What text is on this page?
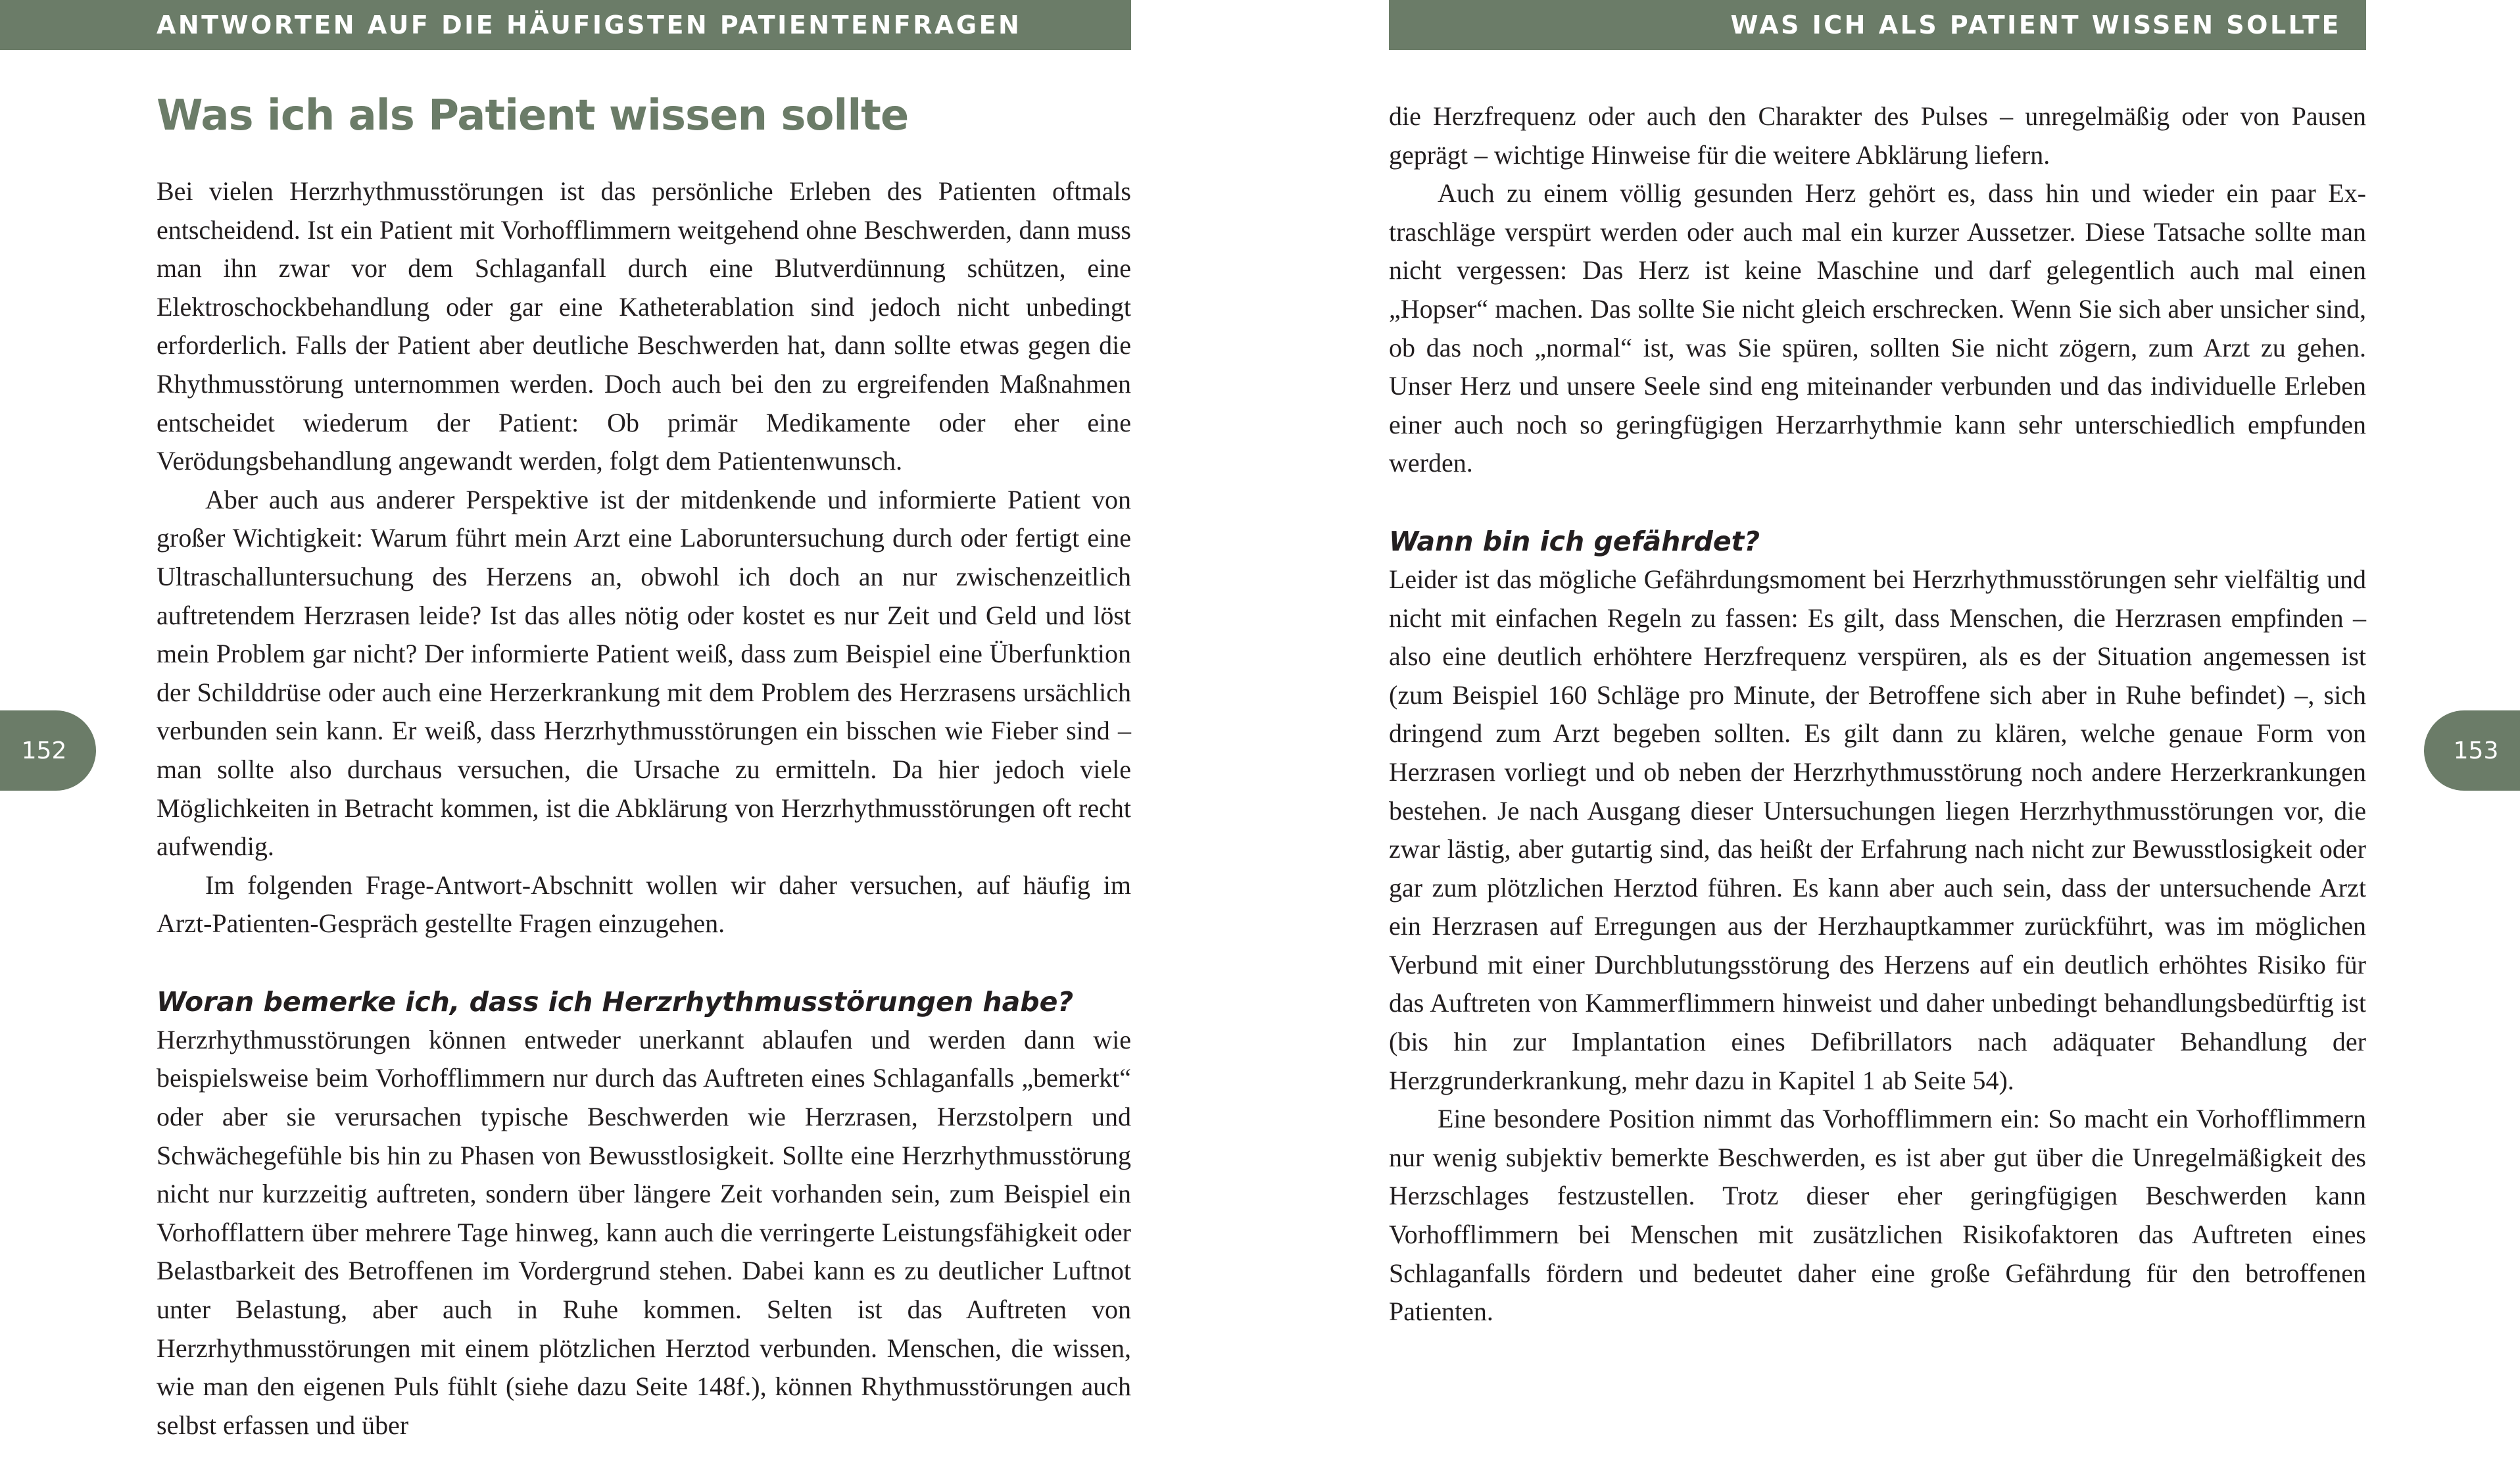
ANTWORTEN AUF DIE HÄUFIGSTEN PATIENTENFRAGEN	WAS ICH ALS PATIENT WISSEN SOLLTE
152	153
Was ich als Patient wissen sollte

Bei vielen Herzrhythmusstörungen ist das persönliche Erleben des Patienten oftmals entscheidend. Ist ein Patient mit Vorhofflimmern weitgehend ohne Beschwerden, dann muss man ihn zwar vor dem Schlaganfall durch eine Blutverdünnung schützen, eine Elektroschockbehandlung oder gar eine Katheterablation sind jedoch nicht unbedingt erforderlich. Falls der Patient aber deutliche Beschwerden hat, dann sollte etwas gegen die Rhythmusstörung unternommen werden. Doch auch bei den zu ergreifenden Maßnahmen entscheidet wiederum der Patient: Ob primär Medikamente oder eher eine Verödungsbehandlung angewandt werden, folgt dem Patientenwunsch.

Aber auch aus anderer Perspektive ist der mitdenkende und informierte Patient von großer Wichtigkeit: Warum führt mein Arzt eine Laboruntersuchung durch oder fertigt eine Ultraschalluntersuchung des Herzens an, obwohl ich doch an nur zwischenzeitlich auftretendem Herzrasen leide? Ist das alles nötig oder kostet es nur Zeit und Geld und löst mein Problem gar nicht? Der informierte Patient weiß, dass zum Beispiel eine Überfunktion der Schilddrüse oder auch eine Herzerkrankung mit dem Problem des Herzrasens ursächlich verbunden sein kann. Er weiß, dass Herzrhythmusstörungen ein bisschen wie Fieber sind – man sollte also durchaus versuchen, die Ursache zu ermitteln. Da hier jedoch viele Möglichkeiten in Betracht kommen, ist die Abklärung von Herzrhythmusstörungen oft recht aufwendig.

Im folgenden Frage-Antwort-Abschnitt wollen wir daher versuchen, auf häufig im Arzt-Patienten-Gespräch gestellte Fragen einzugehen.

Woran bemerke ich, dass ich Herzrhythmusstörungen habe?

Herzrhythmusstörungen können entweder unerkannt ablaufen und werden dann wie beispielsweise beim Vorhofflimmern nur durch das Auftreten eines Schlaganfalls „bemerkt“ oder aber sie verursachen typische Beschwerden wie Herzrasen, Herzstolpern und Schwächegefühle bis hin zu Phasen von Bewusstlosigkeit. Sollte eine Herzrhythmusstörung nicht nur kurzzeitig auftreten, sondern über längere Zeit vorhanden sein, zum Beispiel ein Vorhofflattern über mehrere Tage hinweg, kann auch die verringerte Leistungsfähigkeit oder Belastbarkeit des Betroffenen im Vordergrund stehen. Dabei kann es zu deutlicher Luftnot unter Belastung, aber auch in Ruhe kommen. Selten ist das Auftreten von Herzrhythmusstörungen mit einem plötzlichen Herztod verbunden. Menschen, die wissen, wie man den eigenen Puls fühlt (siehe dazu Seite 148f.), können Rhythmusstörungen auch selbst erfassen und über

die Herzfrequenz oder auch den Charakter des Pulses – unregelmäßig oder von Pausen geprägt – wichtige Hinweise für die weitere Abklärung liefern.

Auch zu einem völlig gesunden Herz gehört es, dass hin und wieder ein paar Extraschläge verspürt werden oder auch mal ein kurzer Aussetzer. Diese Tatsache sollte man nicht vergessen: Das Herz ist keine Maschine und darf gelegentlich auch mal einen „Hopser“ machen. Das sollte Sie nicht gleich erschrecken. Wenn Sie sich aber unsicher sind, ob das noch „normal“ ist, was Sie spüren, sollten Sie nicht zögern, zum Arzt zu gehen. Unser Herz und unsere Seele sind eng miteinander verbunden und das individuelle Erleben einer auch noch so geringfügigen Herzarrhythmie kann sehr unterschiedlich empfunden werden.

Wann bin ich gefährdet?

Leider ist das mögliche Gefährdungsmoment bei Herzrhythmusstörungen sehr vielfältig und nicht mit einfachen Regeln zu fassen: Es gilt, dass Menschen, die Herzrasen empfinden – also eine deutlich erhöhtere Herzfrequenz verspüren, als es der Situation angemessen ist (zum Beispiel 160 Schläge pro Minute, der Betroffene sich aber in Ruhe befindet) –, sich dringend zum Arzt begeben sollten. Es gilt dann zu klären, welche genaue Form von Herzrasen vorliegt und ob neben der Herzrhythmusstörung noch andere Herzerkrankungen bestehen. Je nach Ausgang dieser Untersuchungen liegen Herzrhythmusstörungen vor, die zwar lästig, aber gutartig sind, das heißt der Erfahrung nach nicht zur Bewusstlosigkeit oder gar zum plötzlichen Herztod führen. Es kann aber auch sein, dass der untersuchende Arzt ein Herzrasen auf Erregungen aus der Herzhauptkammer zurückführt, was im möglichen Verbund mit einer Durchblutungsstörung des Herzens auf ein deutlich erhöhtes Risiko für das Auftreten von Kammerflimmern hinweist und daher unbedingt behandlungsbedürftig ist (bis hin zur Implantation eines Defibrillators nach adäquater Behandlung der Herzgrunderkrankung, mehr dazu in Kapitel 1 ab Seite 54).

Eine besondere Position nimmt das Vorhofflimmern ein: So macht ein Vorhofflimmern nur wenig subjektiv bemerkte Beschwerden, es ist aber gut über die Unregelmäßigkeit des Herzschlages festzustellen. Trotz dieser eher geringfügigen Beschwerden kann Vorhofflimmern bei Menschen mit zusätzlichen Risikofaktoren das Auftreten eines Schlaganfalls fördern und bedeutet daher eine große Gefährdung für den betroffenen Patienten.
